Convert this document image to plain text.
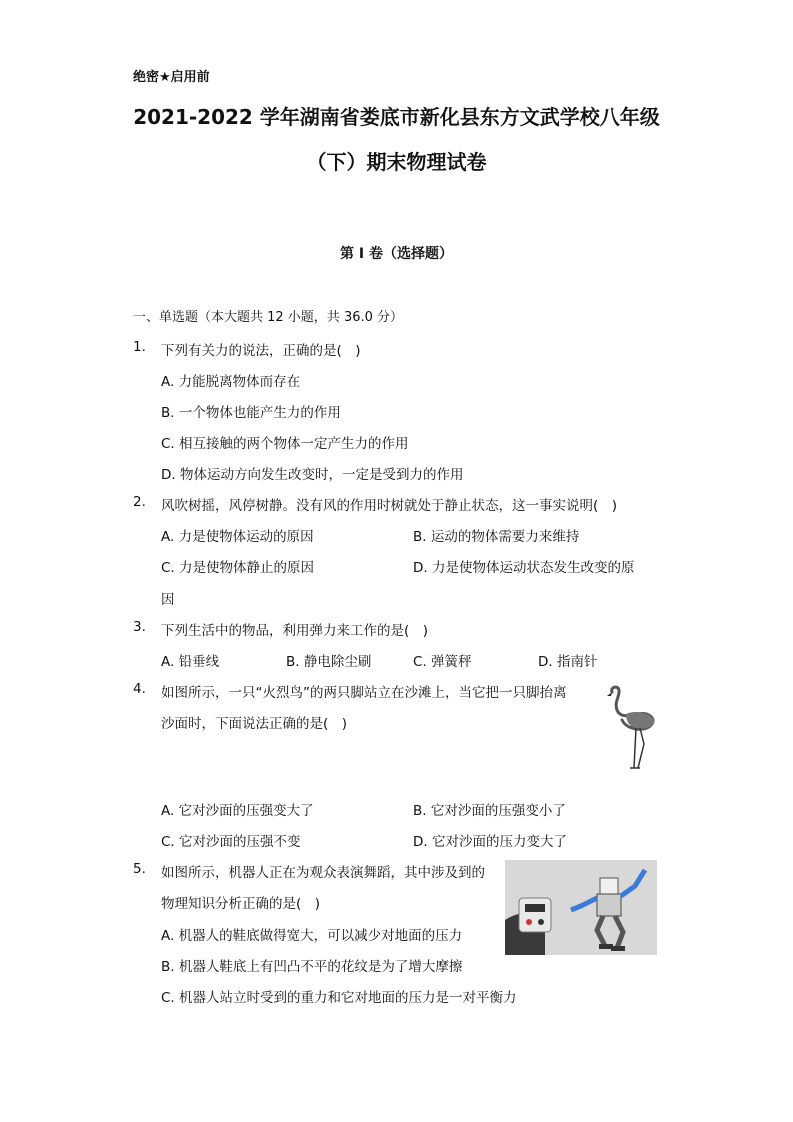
绝密★启用前
2021-2022 学年湖南省娄底市新化县东方文武学校八年级
（下）期末物理试卷
第 I 卷（选择题）
一、单选题（本大题共 12 小题，共 36.0 分）
1. 下列有关力的说法，正确的是(　)
A. 力能脱离物体而存在
B. 一个物体也能产生力的作用
C. 相互接触的两个物体一定产生力的作用
D. 物体运动方向发生改变时，一定是受到力的作用
2. 风吹树摇，风停树静。没有风的作用时树就处于静止状态，这一事实说明(　)
A. 力是使物体运动的原因	B. 运动的物体需要力来维持
C. 力是使物体静止的原因	D. 力是使物体运动状态发生改变的原
因
3. 下列生活中的物品，利用弹力来工作的是(　)
A. 铅垂线	B. 静电除尘刷	C. 弹簧秤	D. 指南针
4. 如图所示，一只“火烈鸟”的两只脚站立在沙滩上，当它把一只脚抬离
沙面时，下面说法正确的是(　)
A. 它对沙面的压强变大了	B. 它对沙面的压强变小了
C. 它对沙面的压强不变	D. 它对沙面的压力变大了
5. 如图所示，机器人正在为观众表演舞蹈，其中涉及到的
物理知识分析正确的是(　)
A. 机器人的鞋底做得宽大，可以减少对地面的压力
B. 机器人鞋底上有凹凸不平的花纹是为了增大摩擦
C. 机器人站立时受到的重力和它对地面的压力是一对平衡力
